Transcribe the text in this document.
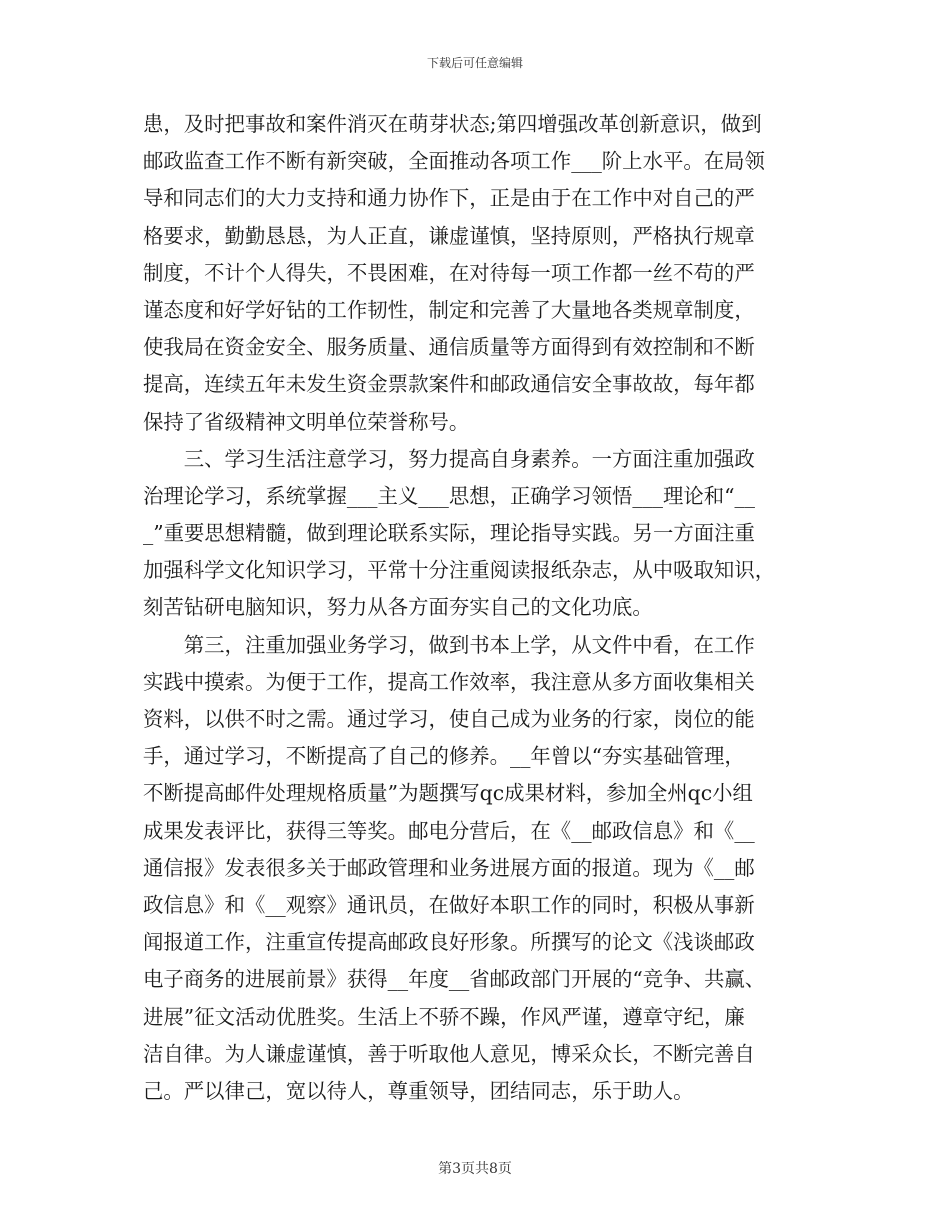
下载后可任意编辑

患，及时把事故和案件消灭在萌芽状态;第四增强改革创新意识，做到
邮政监查工作不断有新突破，全面推动各项工作___阶上水平。在局领
导和同志们的大力支持和通力协作下，正是由于在工作中对自己的严
格要求，勤勤恳恳，为人正直，谦虚谨慎，坚持原则，严格执行规章
制度，不计个人得失，不畏困难，在对待每一项工作都一丝不苟的严
谨态度和好学好钻的工作韧性，制定和完善了大量地各类规章制度，
使我局在资金安全、服务质量、通信质量等方面得到有效控制和不断
提高，连续五年未发生资金票款案件和邮政通信安全事故故，每年都
保持了省级精神文明单位荣誉称号。

　　三、学习生活注意学习，努力提高自身素养。一方面注重加强政
治理论学习，系统掌握___主义___思想，正确学习领悟___理论和“__
_”重要思想精髓，做到理论联系实际，理论指导实践。另一方面注重
加强科学文化知识学习，平常十分注重阅读报纸杂志，从中吸取知识，
刻苦钻研电脑知识，努力从各方面夯实自己的文化功底。

　　第三，注重加强业务学习，做到书本上学，从文件中看，在工作
实践中摸索。为便于工作，提高工作效率，我注意从多方面收集相关
资料，以供不时之需。通过学习，使自己成为业务的行家，岗位的能
手，通过学习，不断提高了自己的修养。__年曾以“夯实基础管理，
不断提高邮件处理规格质量”为题撰写qc成果材料，参加全州qc小组
成果发表评比，获得三等奖。邮电分营后，在《__邮政信息》和《__
通信报》发表很多关于邮政管理和业务进展方面的报道。现为《__邮
政信息》和《__观察》通讯员，在做好本职工作的同时，积极从事新
闻报道工作，注重宣传提高邮政良好形象。所撰写的论文《浅谈邮政
电子商务的进展前景》获得__年度__省邮政部门开展的“竞争、共赢、
进展”征文活动优胜奖。生活上不骄不躁，作风严谨，遵章守纪，廉
洁自律。为人谦虚谨慎，善于听取他人意见，博采众长，不断完善自
己。严以律己，宽以待人，尊重领导，团结同志，乐于助人。

第3页共8页
